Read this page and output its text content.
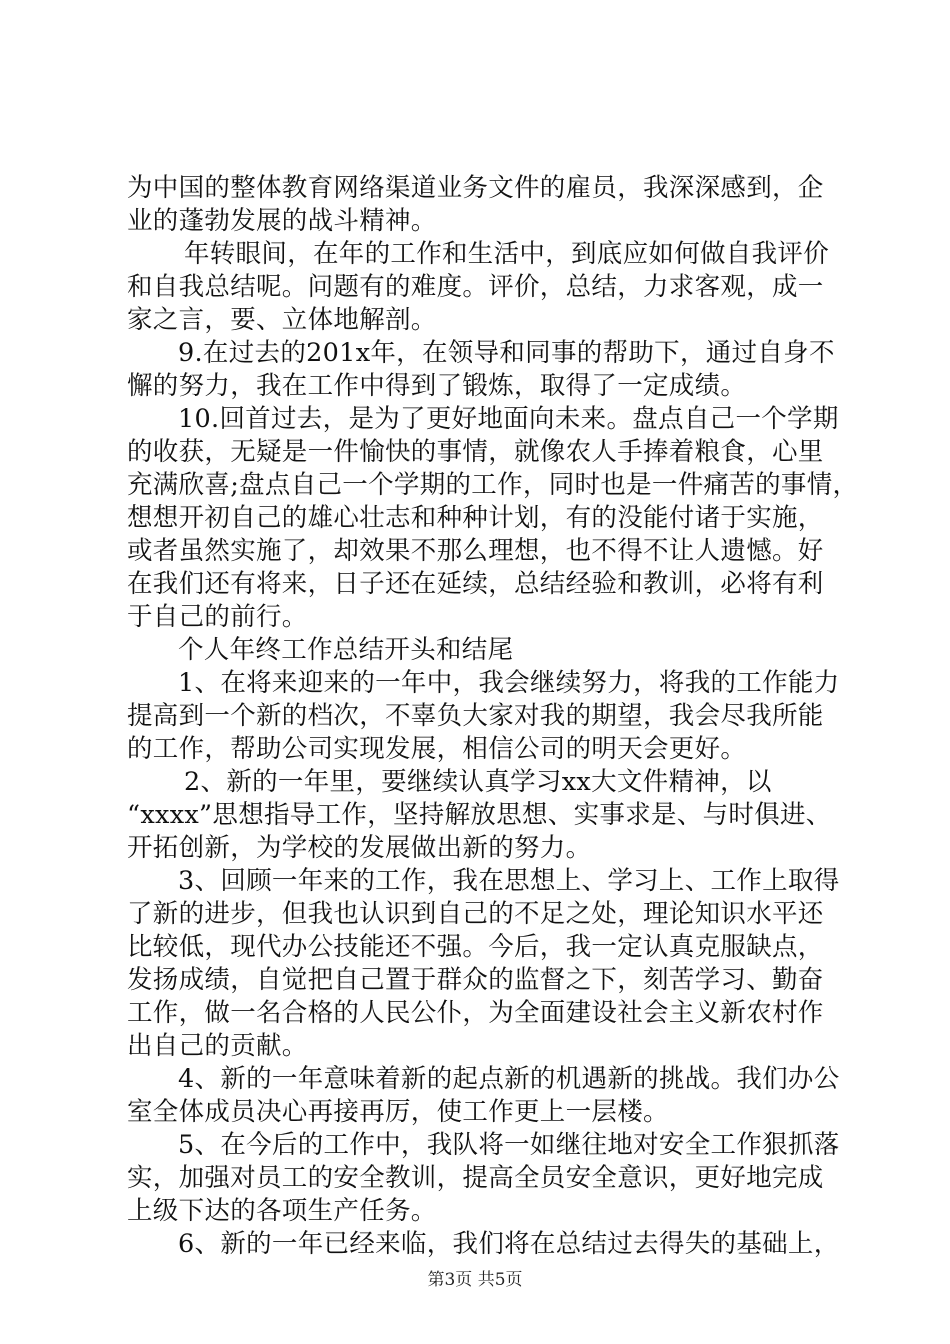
为中国的整体教育网络渠道业务文件的雇员，我深深感到，企
业的蓬勃发展的战斗精神。
年转眼间，在年的工作和生活中，到底应如何做自我评价
和自我总结呢。问题有的难度。评价，总结，力求客观，成一
家之言，要、立体地解剖。
9.在过去的201x年，在领导和同事的帮助下，通过自身不
懈的努力，我在工作中得到了锻炼，取得了一定成绩。
10.回首过去，是为了更好地面向未来。盘点自己一个学期
的收获，无疑是一件愉快的事情，就像农人手捧着粮食，心里
充满欣喜;盘点自己一个学期的工作，同时也是一件痛苦的事情，
想想开初自己的雄心壮志和种种计划，有的没能付诸于实施，
或者虽然实施了，却效果不那么理想，也不得不让人遗憾。好
在我们还有将来，日子还在延续，总结经验和教训，必将有利
于自己的前行。
个人年终工作总结开头和结尾
1、在将来迎来的一年中，我会继续努力，将我的工作能力
提高到一个新的档次，不辜负大家对我的期望，我会尽我所能
的工作，帮助公司实现发展，相信公司的明天会更好。
2、新的一年里，要继续认真学习xx大文件精神，以
“xxxx”思想指导工作，坚持解放思想、实事求是、与时俱进、
开拓创新，为学校的发展做出新的努力。
3、回顾一年来的工作，我在思想上、学习上、工作上取得
了新的进步，但我也认识到自己的不足之处，理论知识水平还
比较低，现代办公技能还不强。今后，我一定认真克服缺点，
发扬成绩，自觉把自己置于群众的监督之下，刻苦学习、勤奋
工作，做一名合格的人民公仆，为全面建设社会主义新农村作
出自己的贡献。
4、新的一年意味着新的起点新的机遇新的挑战。我们办公
室全体成员决心再接再厉，使工作更上一层楼。
5、在今后的工作中，我队将一如继往地对安全工作狠抓落
实，加强对员工的安全教训，提高全员安全意识，更好地完成
上级下达的各项生产任务。
6、新的一年已经来临，我们将在总结过去得失的基础上，
第3页 共5页
